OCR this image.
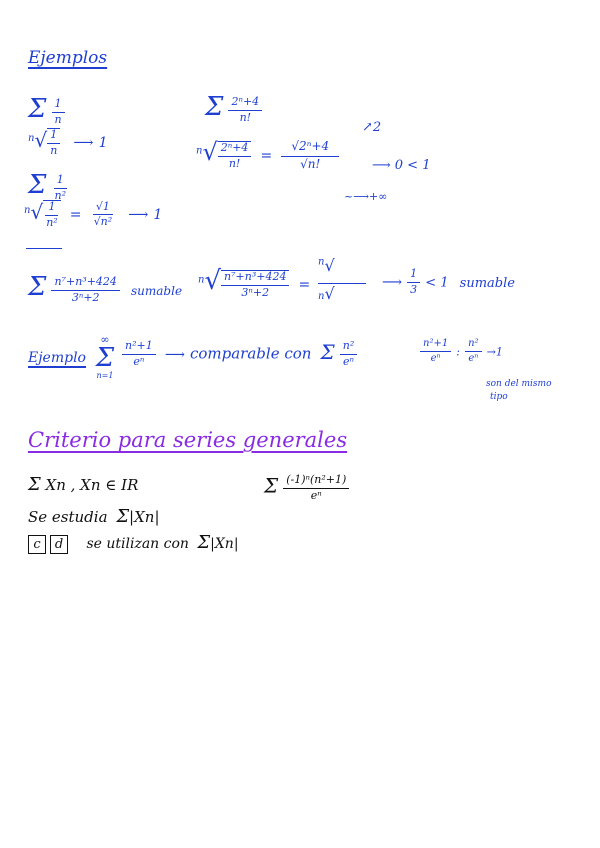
Ejemplos
Σ $\frac{1}{n}$
$^n√ \frac{1}{n}$ ⟶ 1
Σ $\frac{1}{\text{n²}}$
$^n√ \frac{1}{\text{n²}} = \frac{√1}{\text{√n²}}$ ⟶ 1
Σ $\frac{\text{2ⁿ+4}}{n!}$
$^n√ \frac{\text{2ⁿ+4}}{n!} = \frac{\text{√2ⁿ+4}}{√n!}$
↗2
⟶ 0 < 1
~⟶+∞
Σ $\frac{\text{n⁷+n³+424}}{\text{3ⁿ+2}}$ sumable
$^n√ \frac{\text{n⁷+n³+424}}{\text{3ⁿ+2}}$ =
$^n$√
n√
⟶ $\frac{1}{3} < 1$ sumable
Ejemplo
∞
Σ
n=1
$\frac{\text{n²+1}}{\text{eⁿ}}$ ⟶ comparable con Σ $\frac{\text{n²}}{\text{eⁿ}}$	$\frac{\text{n²+1}}{\text{eⁿ}}$ : $\frac{\text{n²}}{\text{eⁿ}} \to 1$
son del mismo
tipo
Criterio para series generales
Σ Xn , Xn ∈ IR	Σ $\frac{\text{(-1)ⁿ(n²+1)}}{\text{eⁿ}}$
Se estudia Σ|Xn|
c d se utilizan con Σ|Xn|
